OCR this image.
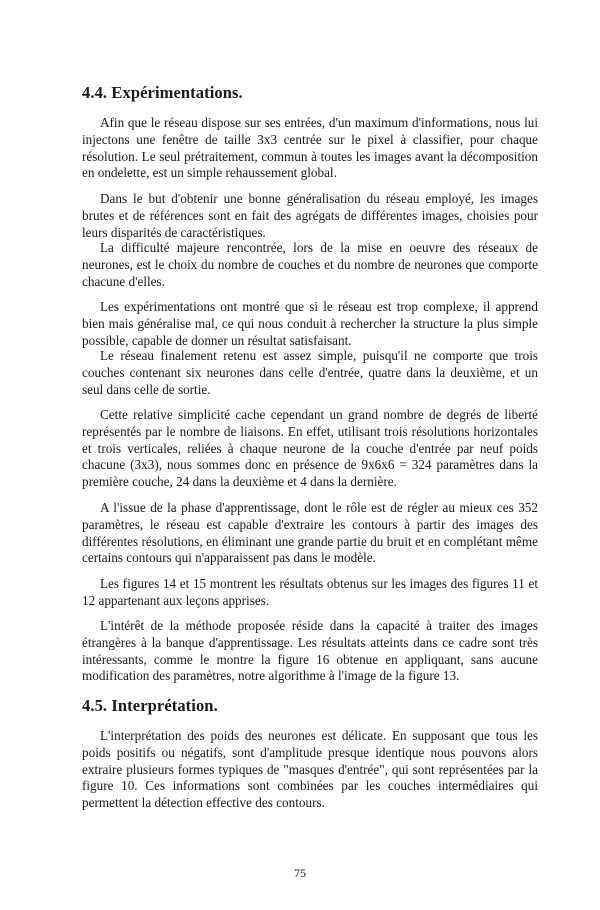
4.4. Expérimentations.

Afin que le réseau dispose sur ses entrées, d'un maximum d'informations, nous lui injectons une fenêtre de taille 3x3 centrée sur le pixel à classifier, pour chaque résolution. Le seul prétraitement, commun à toutes les images avant la décomposition en ondelette, est un simple rehaussement global.

Dans le but d'obtenir une bonne généralisation du réseau employé, les images brutes et de références sont en fait des agrégats de différentes images, choisies pour leurs disparités de caractéristiques.

La difficulté majeure rencontrée, lors de la mise en oeuvre des réseaux de neurones, est le choix du nombre de couches et du nombre de neurones que comporte chacune d'elles.

Les expérimentations ont montré que si le réseau est trop complexe, il apprend bien mais généralise mal, ce qui nous conduit à rechercher la structure la plus simple possible, capable de donner un résultat satisfaisant.

Le réseau finalement retenu est assez simple, puisqu'il ne comporte que trois couches contenant six neurones dans celle d'entrée, quatre dans la deuxième, et un seul dans celle de sortie.

Cette relative simplicité cache cependant un grand nombre de degrés de liberté représentés par le nombre de liaisons. En effet, utilisant trois résolutions horizontales et trois verticales, reliées à chaque neurone de la couche d'entrée par neuf poids chacune (3x3), nous sommes donc en présence de 9x6x6 = 324 paramètres dans la première couche, 24 dans la deuxième et 4 dans la dernière.

A l'issue de la phase d'apprentissage, dont le rôle est de régler au mieux ces 352 paramètres, le réseau est capable d'extraire les contours à partir des images des différentes résolutions, en éliminant une grande partie du bruit et en complétant même certains contours qui n'apparaissent pas dans le modèle.

Les figures 14 et 15 montrent les résultats obtenus sur les images des figures 11 et 12 appartenant aux leçons apprises.

L'intérêt de la méthode proposée réside dans la capacité à traiter des images étrangères à la banque d'apprentissage. Les résultats atteints dans ce cadre sont très intéressants, comme le montre la figure 16 obtenue en appliquant, sans aucune modification des paramètres, notre algorithme à l'image de la figure 13.

4.5. Interprétation.

L'interprétation des poids des neurones est délicate. En supposant que tous les poids positifs ou négatifs, sont d'amplitude presque identique nous pouvons alors extraire plusieurs formes typiques de "masques d'entrée", qui sont représentées par la figure 10. Ces informations sont combinées par les couches intermédiaires qui permettent la détection effective des contours.

75
